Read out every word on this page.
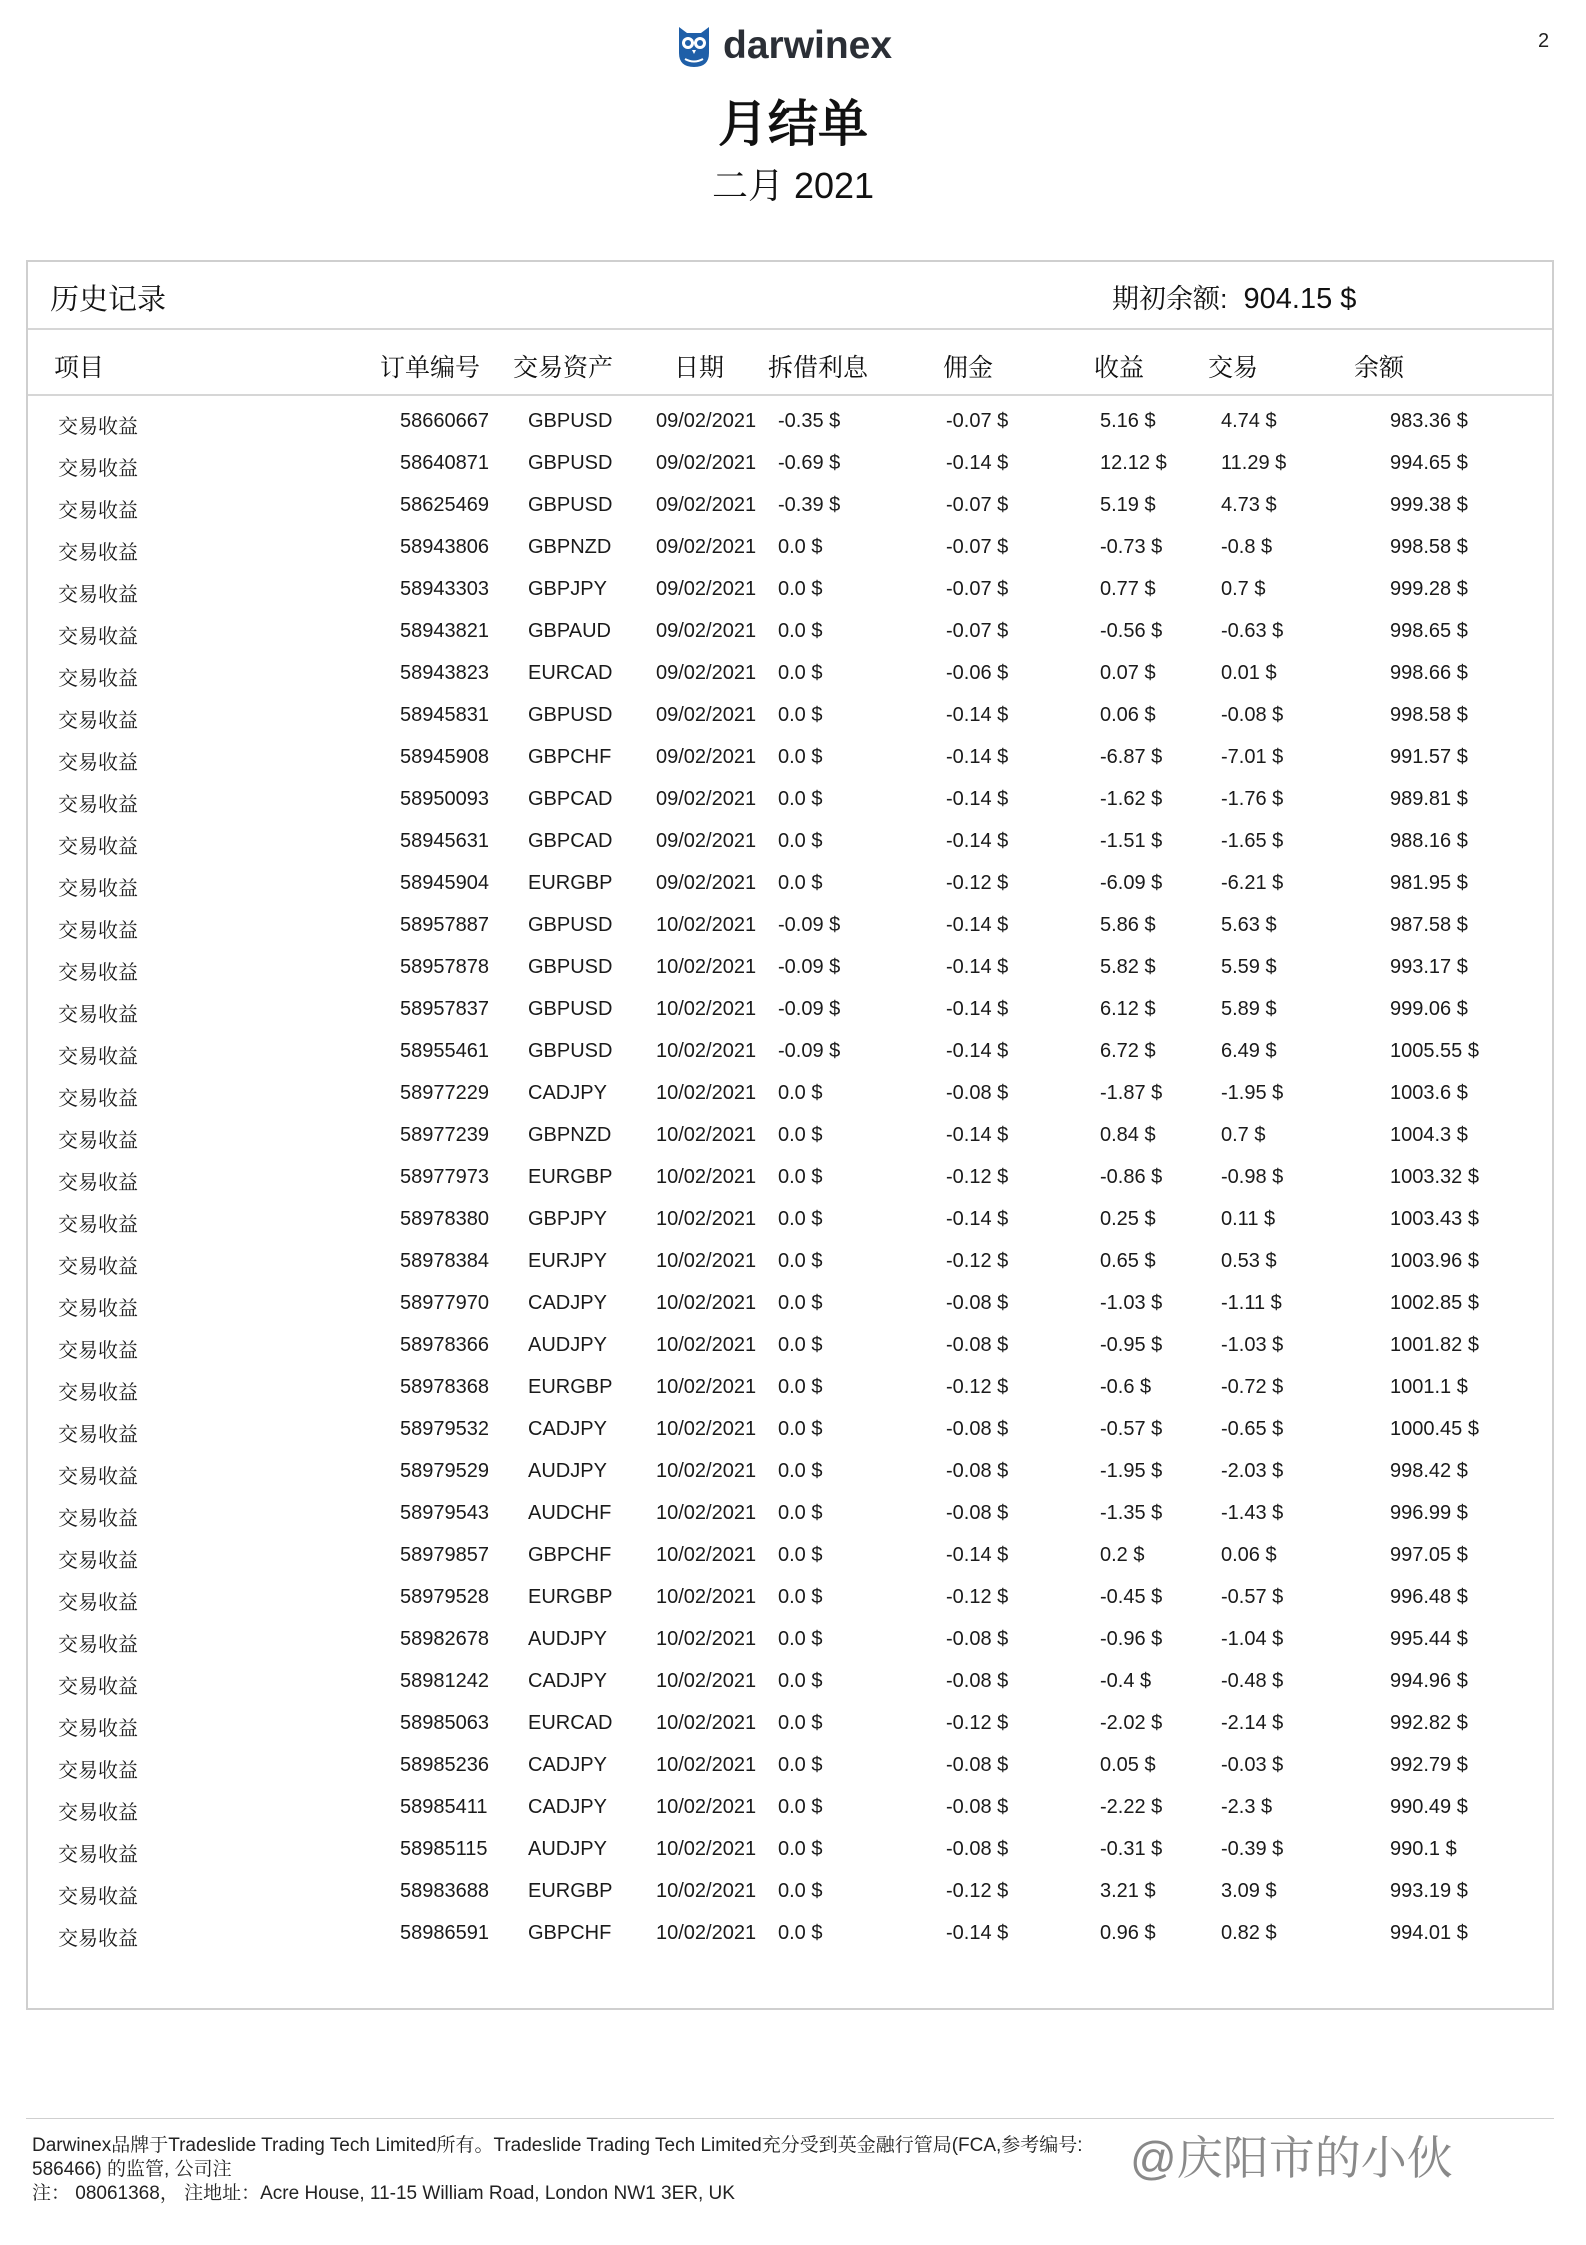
darwinex	2
月结单
二月 2021
历史记录	期初余额: 904.15 $
项目	订单编号 交易资产 日期 拆借利息	佣金	收益	交易	余额
交易收益	58660667 GBPUSD 09/02/2021 -0.35 $	-0.07 $	5.16 $	4.74 $	983.36 $
交易收益	58640871 GBPUSD 09/02/2021 -0.69 $	-0.14 $	12.12 $	11.29 $	994.65 $
交易收益	58625469 GBPUSD 09/02/2021 -0.39 $	-0.07 $	5.19 $	4.73 $	999.38 $
交易收益	58943806 GBPNZD 09/02/2021 0.0 $	-0.07 $	-0.73 $	-0.8 $	998.58 $
交易收益	58943303 GBPJPY 09/02/2021 0.0 $	-0.07 $	0.77 $	0.7 $	999.28 $
交易收益	58943821 GBPAUD 09/02/2021 0.0 $	-0.07 $	-0.56 $	-0.63 $	998.65 $
交易收益	58943823 EURCAD 09/02/2021 0.0 $	-0.06 $	0.07 $	0.01 $	998.66 $
交易收益	58945831 GBPUSD 09/02/2021 0.0 $	-0.14 $	0.06 $	-0.08 $	998.58 $
交易收益	58945908 GBPCHF 09/02/2021 0.0 $	-0.14 $	-6.87 $	-7.01 $	991.57 $
交易收益	58950093 GBPCAD 09/02/2021 0.0 $	-0.14 $	-1.62 $	-1.76 $	989.81 $
交易收益	58945631 GBPCAD 09/02/2021 0.0 $	-0.14 $	-1.51 $	-1.65 $	988.16 $
交易收益	58945904 EURGBP 09/02/2021 0.0 $	-0.12 $	-6.09 $	-6.21 $	981.95 $
交易收益	58957887 GBPUSD 10/02/2021 -0.09 $	-0.14 $	5.86 $	5.63 $	987.58 $
交易收益	58957878 GBPUSD 10/02/2021 -0.09 $	-0.14 $	5.82 $	5.59 $	993.17 $
交易收益	58957837 GBPUSD 10/02/2021 -0.09 $	-0.14 $	6.12 $	5.89 $	999.06 $
交易收益	58955461 GBPUSD 10/02/2021 -0.09 $	-0.14 $	6.72 $	6.49 $	1005.55 $
交易收益	58977229 CADJPY 10/02/2021 0.0 $	-0.08 $	-1.87 $	-1.95 $	1003.6 $
交易收益	58977239 GBPNZD 10/02/2021 0.0 $	-0.14 $	0.84 $	0.7 $	1004.3 $
交易收益	58977973 EURGBP 10/02/2021 0.0 $	-0.12 $	-0.86 $	-0.98 $	1003.32 $
交易收益	58978380 GBPJPY 10/02/2021 0.0 $	-0.14 $	0.25 $	0.11 $	1003.43 $
交易收益	58978384 EURJPY 10/02/2021 0.0 $	-0.12 $	0.65 $	0.53 $	1003.96 $
交易收益	58977970 CADJPY 10/02/2021 0.0 $	-0.08 $	-1.03 $	-1.11 $	1002.85 $
交易收益	58978366 AUDJPY 10/02/2021 0.0 $	-0.08 $	-0.95 $	-1.03 $	1001.82 $
交易收益	58978368 EURGBP 10/02/2021 0.0 $	-0.12 $	-0.6 $	-0.72 $	1001.1 $
交易收益	58979532 CADJPY 10/02/2021 0.0 $	-0.08 $	-0.57 $	-0.65 $	1000.45 $
交易收益	58979529 AUDJPY 10/02/2021 0.0 $	-0.08 $	-1.95 $	-2.03 $	998.42 $
交易收益	58979543 AUDCHF 10/02/2021 0.0 $	-0.08 $	-1.35 $	-1.43 $	996.99 $
交易收益	58979857 GBPCHF 10/02/2021 0.0 $	-0.14 $	0.2 $	0.06 $	997.05 $
交易收益	58979528 EURGBP 10/02/2021 0.0 $	-0.12 $	-0.45 $	-0.57 $	996.48 $
交易收益	58982678 AUDJPY 10/02/2021 0.0 $	-0.08 $	-0.96 $	-1.04 $	995.44 $
交易收益	58981242 CADJPY 10/02/2021 0.0 $	-0.08 $	-0.4 $	-0.48 $	994.96 $
交易收益	58985063 EURCAD 10/02/2021 0.0 $	-0.12 $	-2.02 $	-2.14 $	992.82 $
交易收益	58985236 CADJPY 10/02/2021 0.0 $	-0.08 $	0.05 $	-0.03 $	992.79 $
交易收益	58985411 CADJPY 10/02/2021 0.0 $	-0.08 $	-2.22 $	-2.3 $	990.49 $
交易收益	58985115 AUDJPY 10/02/2021 0.0 $	-0.08 $	-0.31 $	-0.39 $	990.1 $
交易收益	58983688 EURGBP 10/02/2021 0.0 $	-0.12 $	3.21 $	3.09 $	993.19 $
交易收益	58986591 GBPCHF 10/02/2021 0.0 $	-0.14 $	0.96 $	0.82 $	994.01 $
Darwinex品牌于Tradeslide Trading Tech Limited所有。Tradeslide Trading Tech Limited充分受到英金融行管局(FCA,参考编号: 586466) 的监管, 公司注
注： 08061368， 注地址：Acre House, 11-15 William Road, London NW1 3ER, UK
@庆阳市的小伙
